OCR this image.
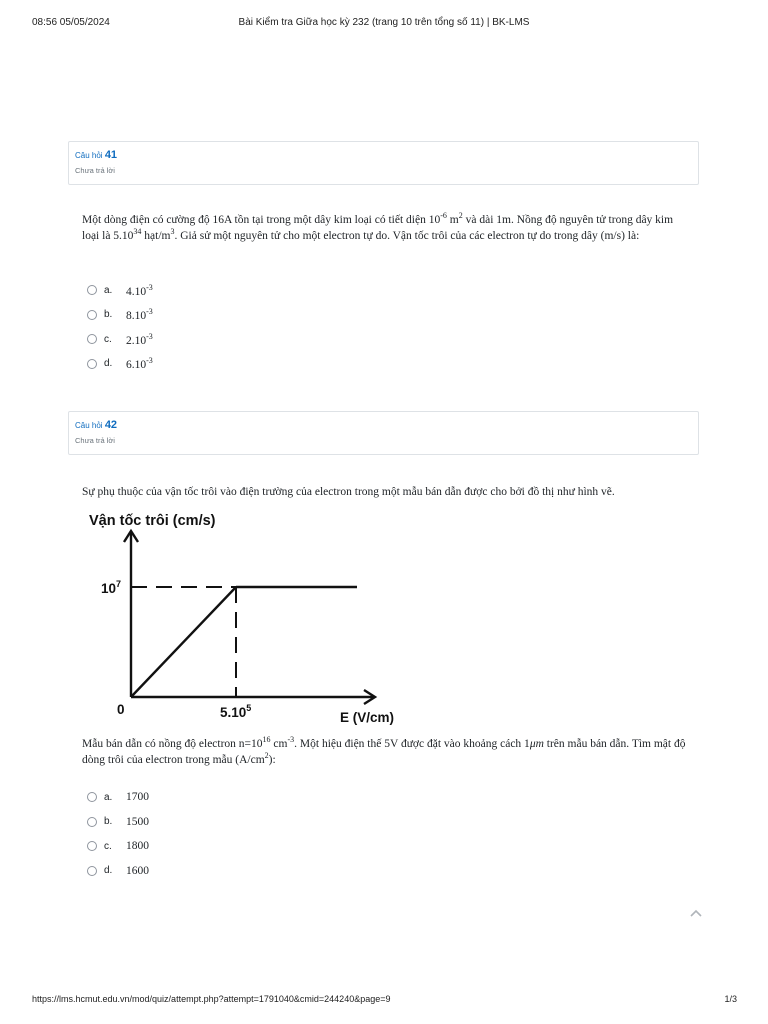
08:56 05/05/2024	Bài Kiểm tra Giữa học kỳ 232 (trang 10 trên tổng số 11) | BK-LMS
Câu hỏi 41
Chưa trả lời
Một dòng điện có cường độ 16A tồn tại trong một dây kim loại có tiết diện $10^{-6}$ $m^2$ và dài 1m. Nồng độ nguyên tử trong dây kim loại là 5.10$^{34}$ hạt/$m^3$. Giả sử một nguyên tử cho một electron tự do. Vận tốc trôi của các electron tự do trong dây (m/s) là:
a.	$4.10^{-3}$
b.	$8.10^{-3}$
c.	$2.10^{-3}$
d.	$6.10^{-3}$
Câu hỏi 42
Chưa trả lời
Sự phụ thuộc của vận tốc trôi vào điện trường của electron trong một mẫu bán dẫn được cho bởi đồ thị như hình vẽ.
Vận tốc trôi (cm/s)
$10^7$
0	5.10$^5$
E (V/cm)
Mẫu bán dẫn có nồng độ electron $n=10^{16}$ $cm^{-3}$. Một hiệu điện thế 5V được đặt vào khoảng cách 1μm trên mẫu bán dẫn. Tìm mật độ dòng trôi của electron trong mẫu $(A/cm^2)$:
a.	1700
b.	1500
c.	1800
d.	1600
https://lms.hcmut.edu.vn/mod/quiz/attempt.php?attempt=1791040&cmid=244240&page=9	1/3
